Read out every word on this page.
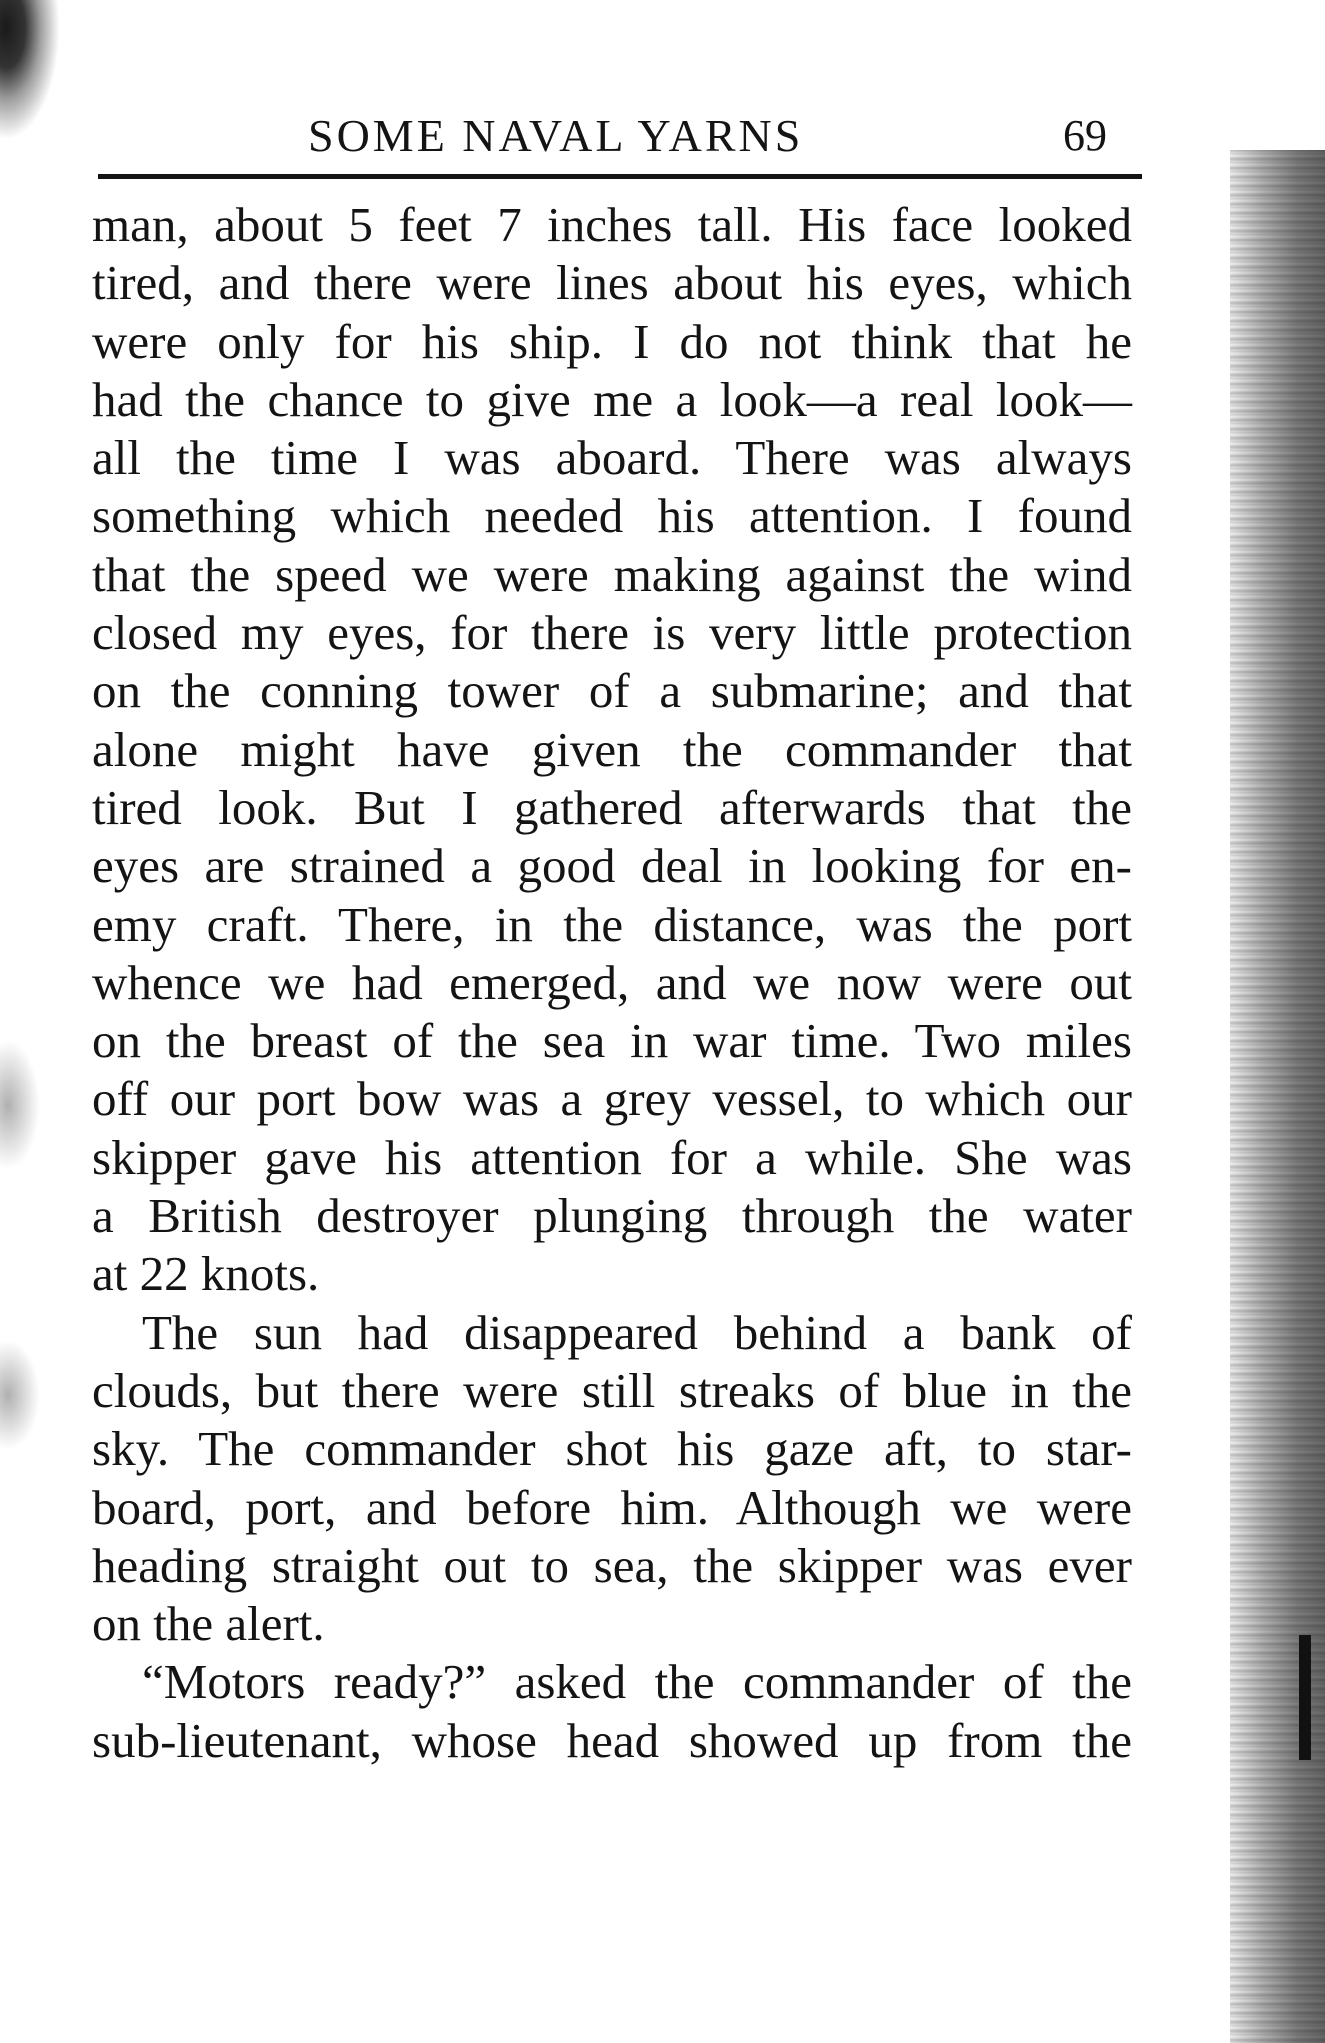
SOME NAVAL YARNS	69
man, about 5 feet 7 inches tall. His face looked
tired, and there were lines about his eyes, which
were only for his ship. I do not think that he
had the chance to give me a look—a real look—
all the time I was aboard. There was always
something which needed his attention. I found
that the speed we were making against the wind
closed my eyes, for there is very little protection
on the conning tower of a submarine; and that
alone might have given the commander that
tired look. But I gathered afterwards that the
eyes are strained a good deal in looking for en-
emy craft. There, in the distance, was the port
whence we had emerged, and we now were out
on the breast of the sea in war time. Two miles
off our port bow was a grey vessel, to which our
skipper gave his attention for a while. She was
a British destroyer plunging through the water
at 22 knots.
The sun had disappeared behind a bank of
clouds, but there were still streaks of blue in the
sky. The commander shot his gaze aft, to star-
board, port, and before him. Although we were
heading straight out to sea, the skipper was ever
on the alert.
“Motors ready?” asked the commander of the
sub-lieutenant, whose head showed up from the
